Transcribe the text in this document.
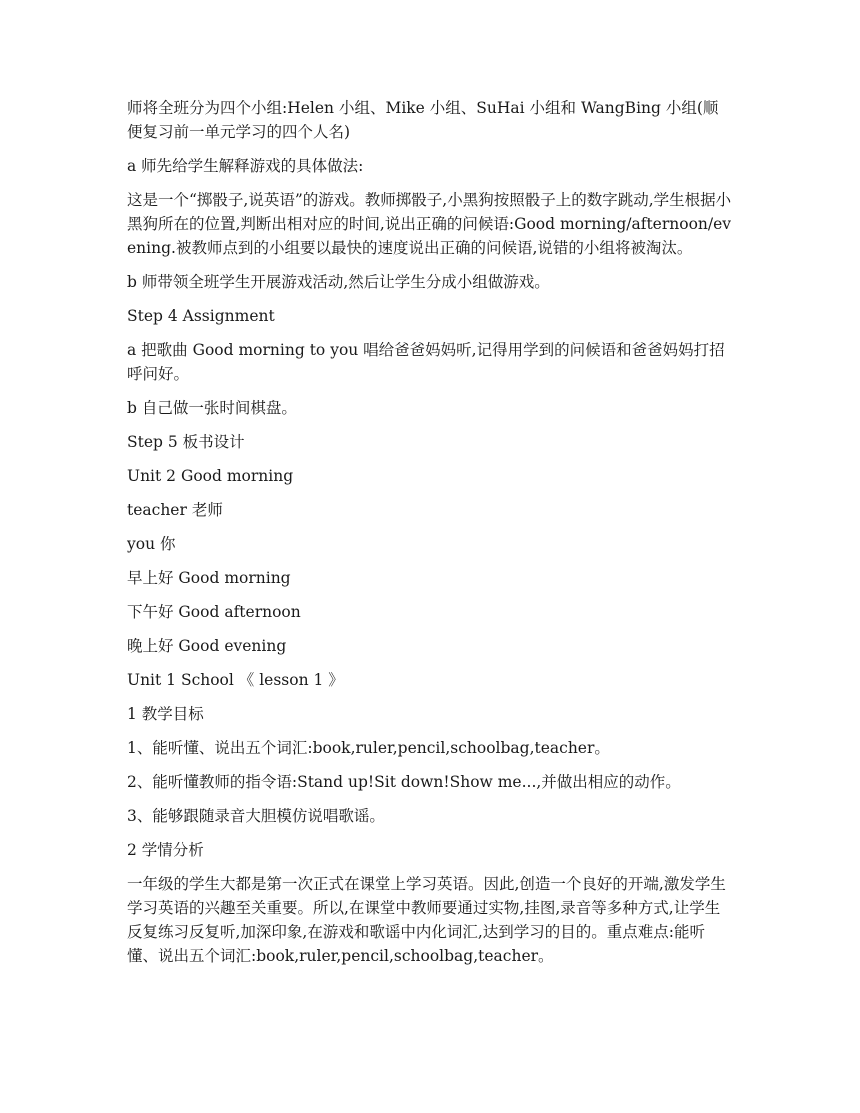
师将全班分为四个小组:Helen 小组、Mike 小组、SuHai 小组和 WangBing 小组(顺便复习前一单元学习的四个人名)

a 师先给学生解释游戏的具体做法:

这是一个“掷骰子,说英语”的游戏。教师掷骰子,小黑狗按照骰子上的数字跳动,学生根据小黑狗所在的位置,判断出相对应的时间,说出正确的问候语:Good morning/afternoon/evening.被教师点到的小组要以最快的速度说出正确的问候语,说错的小组将被淘汰。

b 师带领全班学生开展游戏活动,然后让学生分成小组做游戏。

Step 4 Assignment

a 把歌曲 Good morning to you 唱给爸爸妈妈听,记得用学到的问候语和爸爸妈妈打招呼问好。

b 自己做一张时间棋盘。

Step 5 板书设计

Unit 2 Good morning

teacher 老师

you 你

早上好 Good morning

下午好 Good afternoon

晚上好 Good evening

Unit 1 School 《 lesson 1 》

1 教学目标

1、能听懂、说出五个词汇:book,ruler,pencil,schoolbag,teacher。

2、能听懂教师的指令语:Stand up!Sit down!Show me...,并做出相应的动作。

3、能够跟随录音大胆模仿说唱歌谣。

2 学情分析

一年级的学生大都是第一次正式在课堂上学习英语。因此,创造一个良好的开端,激发学生学习英语的兴趣至关重要。所以,在课堂中教师要通过实物,挂图,录音等多种方式,让学生反复练习反复听,加深印象,在游戏和歌谣中内化词汇,达到学习的目的。重点难点:能听懂、说出五个词汇:book,ruler,pencil,schoolbag,teacher。
